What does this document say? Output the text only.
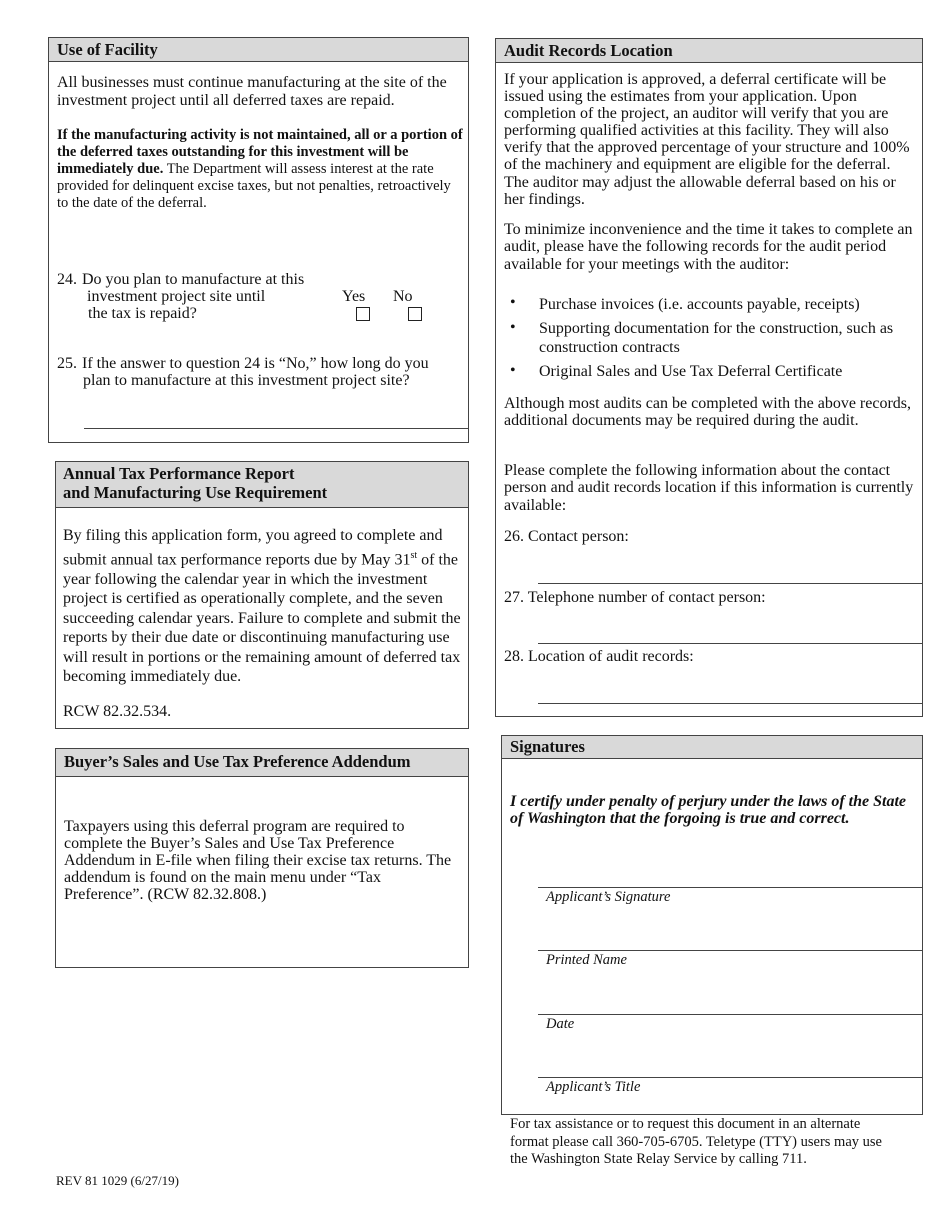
Use of Facility

All businesses must continue manufacturing at the site of the investment project until all deferred taxes are repaid.

If the manufacturing activity is not maintained, all or a portion of the deferred taxes outstanding for this investment will be immediately due. The Department will assess interest at the rate provided for delinquent excise taxes, but not penalties, retroactively to the date of the deferral.

24. Do you plan to manufacture at this
investment project site until
the tax is repaid?
Yes No
25. If the answer to question 24 is “No,” how long do you
plan to manufacture at this investment project site?
Annual Tax Performance Report
and Manufacturing Use Requirement

By filing this application form, you agreed to complete and submit annual tax performance reports due by May 31st of the year following the calendar year in which the investment project is certified as operationally complete, and the seven succeeding calendar years. Failure to complete and submit the reports by their due date or discontinuing manufacturing use will result in portions or the remaining amount of deferred tax becoming immediately due.

RCW 82.32.534.
Buyer’s Sales and Use Tax Preference Addendum

Taxpayers using this deferral program are required to complete the Buyer’s Sales and Use Tax Preference Addendum in E-file when filing their excise tax returns. The addendum is found on the main menu under “Tax Preference”. (RCW 82.32.808.)

Audit Records Location

If your application is approved, a deferral certificate will be issued using the estimates from your application. Upon completion of the project, an auditor will verify that you are performing qualified activities at this facility. They will also verify that the approved percentage of your structure and 100% of the machinery and equipment are eligible for the deferral. The auditor may adjust the allowable deferral based on his or her findings.

To minimize inconvenience and the time it takes to complete an audit, please have the following records for the audit period available for your meetings with the auditor:

• Purchase invoices (i.e. accounts payable, receipts)
• Supporting documentation for the construction, such as construction contracts
• Original Sales and Use Tax Deferral Certificate

Although most audits can be completed with the above records, additional documents may be required during the audit.

Please complete the following information about the contact person and audit records location if this information is currently available:

26. Contact person:
27. Telephone number of contact person:
28. Location of audit records:
Signatures

I certify under penalty of perjury under the laws of the State of Washington that the forgoing is true and correct.

Applicant’s Signature
Printed Name
Date
Applicant’s Title

For tax assistance or to request this document in an alternate format please call 360-705-6705. Teletype (TTY) users may use the Washington State Relay Service by calling 711.

REV 81 1029 (6/27/19)
